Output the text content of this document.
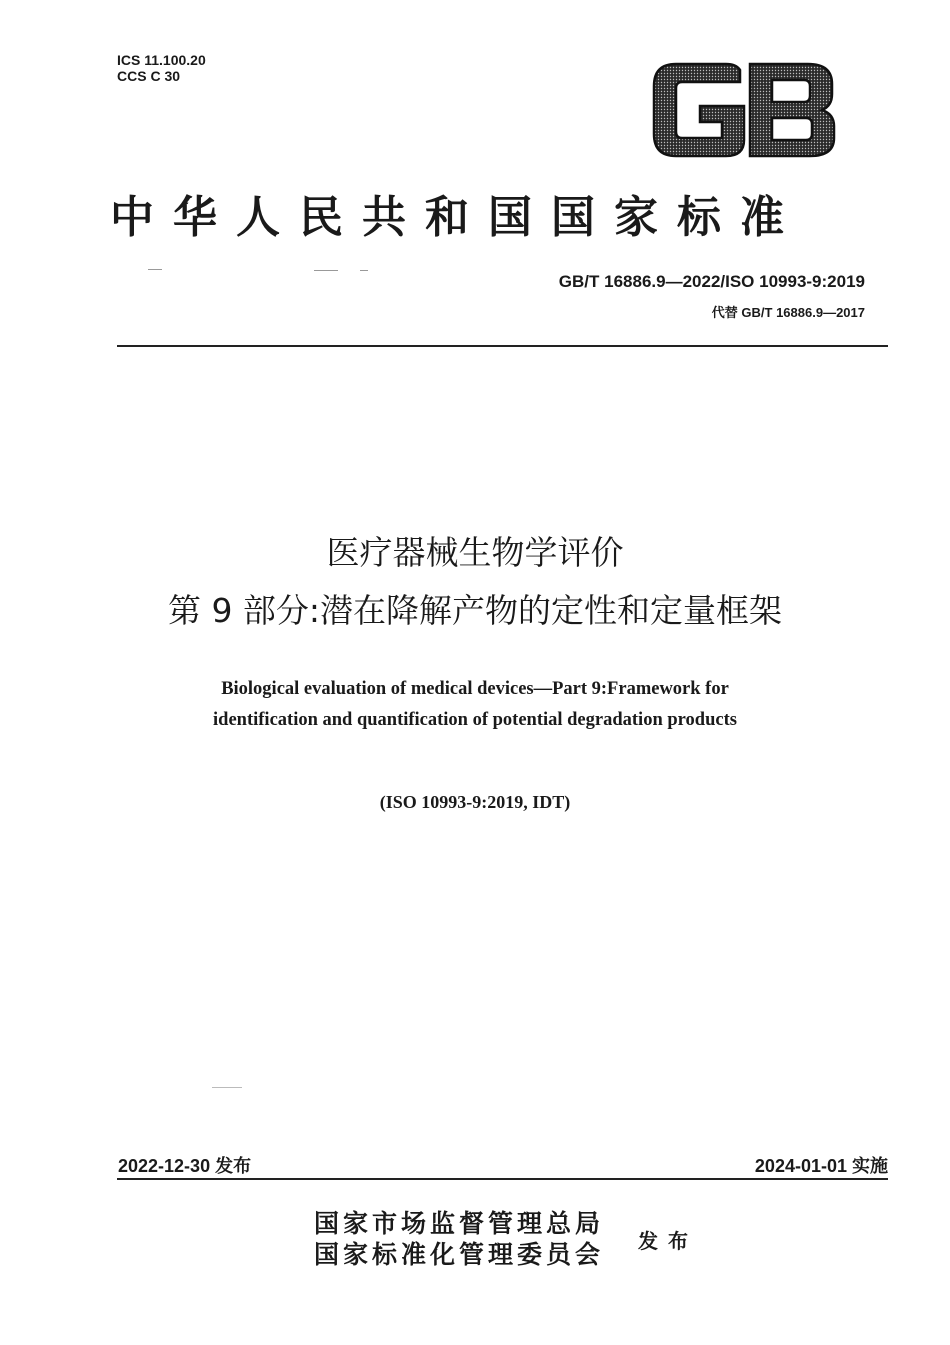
ICS 11.100.20
CCS C 30
中华人民共和国国家标准
GB/T 16886.9—2022/ISO 10993-9:2019
代替 GB/T 16886.9—2017
医疗器械生物学评价
第 9 部分:潜在降解产物的定性和定量框架
Biological evaluation of medical devices—Part 9:Framework for
identification and quantification of potential degradation products
(ISO 10993-9:2019, IDT)
2022-12-30 发布	2024-01-01 实施
国家市场监督管理总局
国家标准化管理委员会 发布
